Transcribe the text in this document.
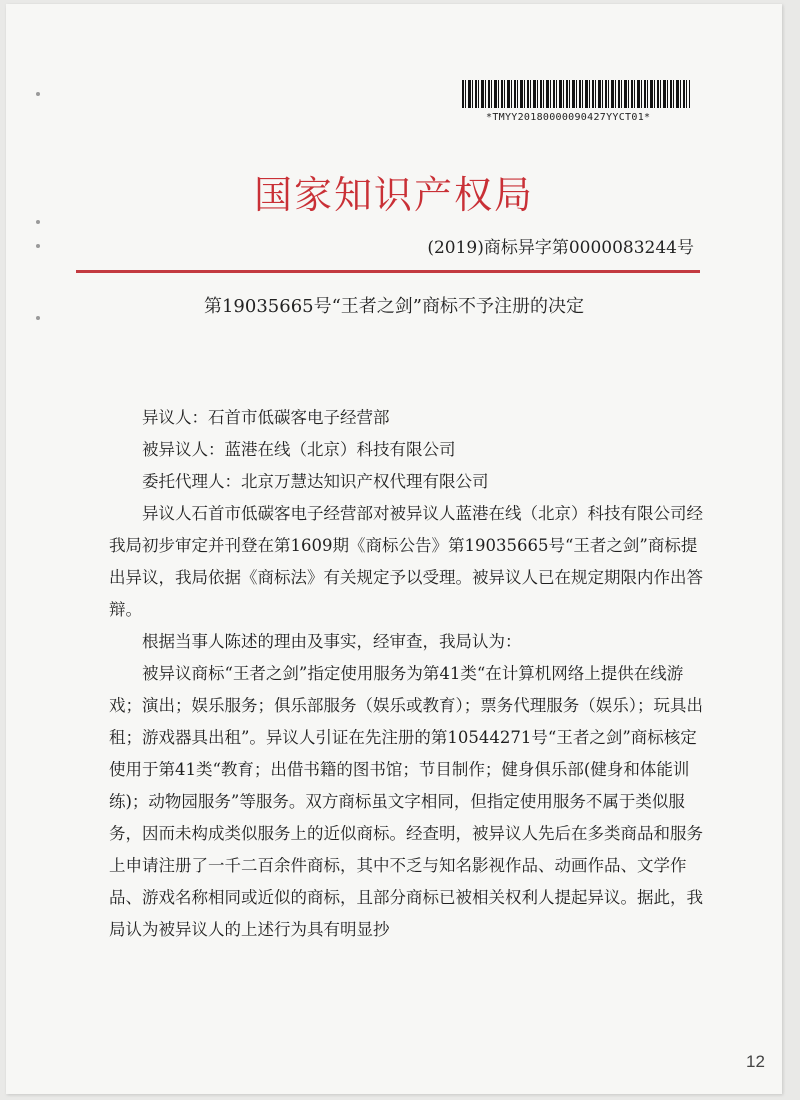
*TMYY20180000090427YYCT01*
国家知识产权局
(2019)商标异字第0000083244号
第19035665号“王者之剑”商标不予注册的决定

异议人：石首市低碳客电子经营部

被异议人：蓝港在线（北京）科技有限公司

委托代理人：北京万慧达知识产权代理有限公司

异议人石首市低碳客电子经营部对被异议人蓝港在线（北京）科技有限公司经我局初步审定并刊登在第1609期《商标公告》第19035665号“王者之剑”商标提出异议，我局依据《商标法》有关规定予以受理。被异议人已在规定期限内作出答辩。

根据当事人陈述的理由及事实，经审查，我局认为：

被异议商标“王者之剑”指定使用服务为第41类“在计算机网络上提供在线游戏；演出；娱乐服务；俱乐部服务（娱乐或教育）；票务代理服务（娱乐）；玩具出租；游戏器具出租”。异议人引证在先注册的第10544271号“王者之剑”商标核定使用于第41类“教育；出借书籍的图书馆；节目制作；健身俱乐部(健身和体能训练)；动物园服务”等服务。双方商标虽文字相同，但指定使用服务不属于类似服务，因而未构成类似服务上的近似商标。经查明，被异议人先后在多类商品和服务上申请注册了一千二百余件商标，其中不乏与知名影视作品、动画作品、文学作品、游戏名称相同或近似的商标，且部分商标已被相关权利人提起异议。据此，我局认为被异议人的上述行为具有明显抄

12
